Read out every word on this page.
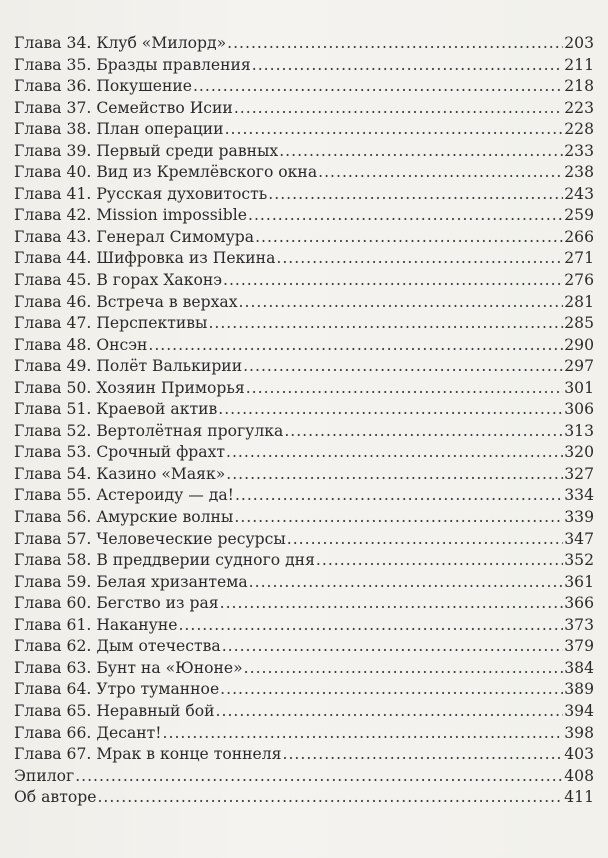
Глава 34. Клуб «Милорд» .....	203
Глава 35. Бразды правления .....	211
Глава 36. Покушение .....	218
Глава 37. Семейство Исии .....	223
Глава 38. План операции .....	228
Глава 39. Первый среди равных .....	233
Глава 40. Вид из Кремлёвского окна .....	238
Глава 41. Русская духовитость .....	243
Глава 42. Mission impossible .....	259
Глава 43. Генерал Симомура .....	266
Глава 44. Шифровка из Пекина .....	271
Глава 45. В горах Хаконэ .....	276
Глава 46. Встреча в верхах .....	281
Глава 47. Перспективы .....	285
Глава 48. Онсэн .....	290
Глава 49. Полёт Валькирии .....	297
Глава 50. Хозяин Приморья .....	301
Глава 51. Краевой актив .....	306
Глава 52. Вертолётная прогулка .....	313
Глава 53. Срочный фрахт .....	320
Глава 54. Казино «Маяк» .....	327
Глава 55. Астероиду — да! .....	334
Глава 56. Амурские волны .....	339
Глава 57. Человеческие ресурсы .....	347
Глава 58. В преддверии судного дня .....	352
Глава 59. Белая хризантема .....	361
Глава 60. Бегство из рая .....	366
Глава 61. Накануне .....	373
Глава 62. Дым отечества .....	379
Глава 63. Бунт на «Юноне» .....	384
Глава 64. Утро туманное .....	389
Глава 65. Неравный бой .....	394
Глава 66. Десант! .....	398
Глава 67. Мрак в конце тоннеля .....	403
Эпилог .....	408
Об авторе .....	411
